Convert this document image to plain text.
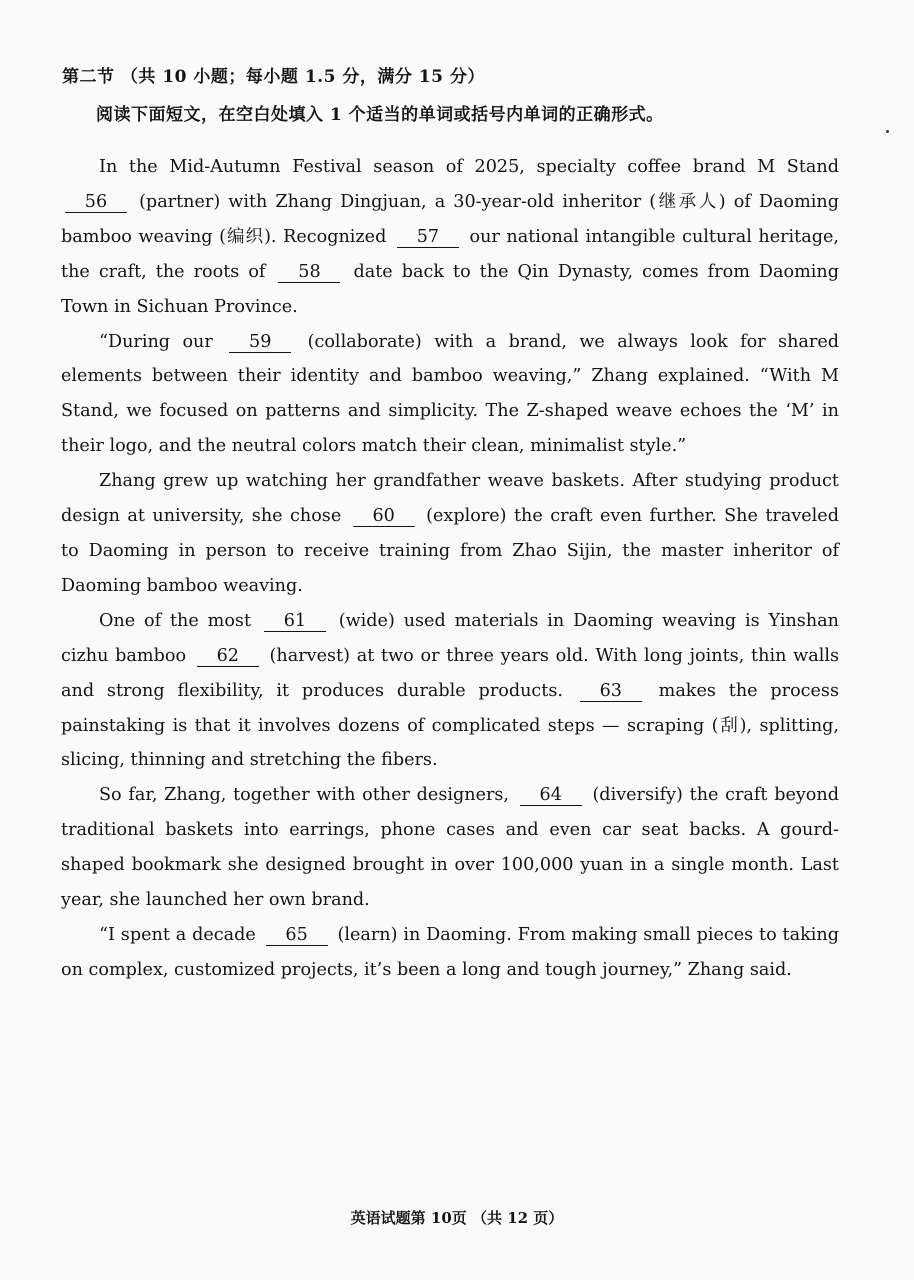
第二节 （共 10 小题；每小题 1.5 分，满分 15 分）
阅读下面短文，在空白处填入 1 个适当的单词或括号内单词的正确形式。

In the Mid-Autumn Festival season of 2025, specialty coffee brand M Stand 56 (partner) with Zhang Dingjuan, a 30-year-old inheritor (继承人) of Daoming bamboo weaving (编织). Recognized 57 our national intangible cultural heritage, the craft, the roots of 58 date back to the Qin Dynasty, comes from Daoming Town in Sichuan Province.

“During our 59 (collaborate) with a brand, we always look for shared elements between their identity and bamboo weaving,” Zhang explained. “With M Stand, we focused on patterns and simplicity. The Z-shaped weave echoes the ‘M’ in their logo, and the neutral colors match their clean, minimalist style.”

Zhang grew up watching her grandfather weave baskets. After studying product design at university, she chose 60 (explore) the craft even further. She traveled to Daoming in person to receive training from Zhao Sijin, the master inheritor of Daoming bamboo weaving.

One of the most 61 (wide) used materials in Daoming weaving is Yinshan cizhu bamboo 62 (harvest) at two or three years old. With long joints, thin walls and strong flexibility, it produces durable products. 63 makes the process painstaking is that it involves dozens of complicated steps — scraping (刮), splitting, slicing, thinning and stretching the fibers.

So far, Zhang, together with other designers, 64 (diversify) the craft beyond traditional baskets into earrings, phone cases and even car seat backs. A gourd-shaped bookmark she designed brought in over 100,000 yuan in a single month. Last year, she launched her own brand.

“I spent a decade 65 (learn) in Daoming. From making small pieces to taking on complex, customized projects, it’s been a long and tough journey,” Zhang said.

英语试题第 10页 （共 12 页）
